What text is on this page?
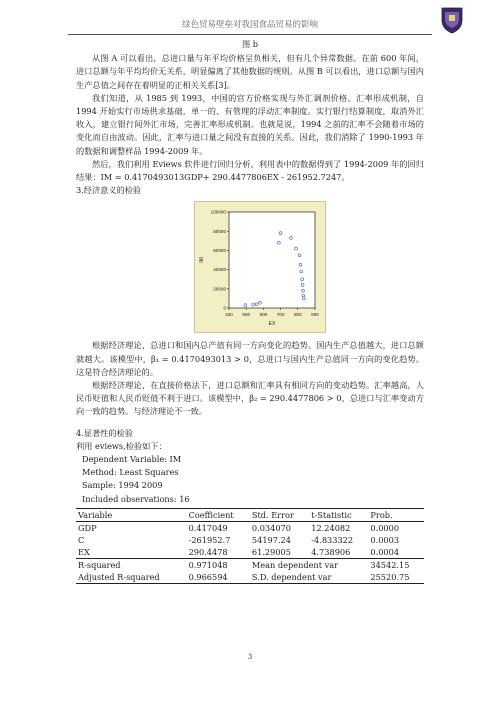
绿色贸易壁垒对我国食品贸易的影响
图 b

从图 A 可以看出，总进口量与年平均价格呈负相关，但有几个异常数据。在前 600 年间，进口总额与年平均均价无关系，明显偏离了其他数据的规则。从图 B 可以看出，进口总额与国内生产总值之间存在着明显的正相关关系[3]。

我们知道，从 1985 到 1993，中国的官方价格实现与外汇调剂价格。汇率形成机制，自 1994 开始实行市场供求基础，单一的、有管理的浮动汇率制度。实行银行结算制度，取消外汇收入，建立银行间外汇市场，完善汇率形成机制。也就是说，1994 之前的汇率不会随着市场的变化而自由波动。因此，汇率与进口量之间没有直接的关系。因此，我们消除了 1990-1993 年的数据和调整样品 1994-2009 年。

然后，我们利用 Eviews 软件进行回归分析。利用表中的数据得到了 1994-2009 年的回归结果：IM = 0.4170493013GDP+ 290.4477806EX - 261952.7247。

3.经济意义的检验
400 500 600 700 800 900
0
20000
40000
60000
80000
100000
EX
IM

根据经济理论，总进口和国内总产值有同一方向变化的趋势。国内生产总值越大，进口总额就越大。该模型中，β₁ = 0.4170493013 > 0，总进口与国内生产总值同一方向的变化趋势。这是符合经济理论的。

根据经济理论，在直接价格法下，进口总额和汇率具有相同方向的变动趋势。汇率越高，人民币贬值和人民币贬值不利于进口。该模型中，β₂ = 290.4477806 > 0，总进口与汇率变动方向一致的趋势。与经济理论不一致。

4.显著性的检验
利用 eviews,检验如下：
Dependent Variable: IM
Method: Least Squares
Sample: 1994 2009
Included observations: 16
Variable	Coefficient	Std. Error	t-Statistic	Prob.
GDP	0.417049	0.034070	12.24082	0.0000
C	-261952.7	54197.24	-4.833322	0.0003
EX	290.4478	61.29005	4.738906	0.0004
R-squared	0.971048	Mean dependent var		34542.15
Adjusted R-squared	0.966594	S.D. dependent var		25520.75
3
